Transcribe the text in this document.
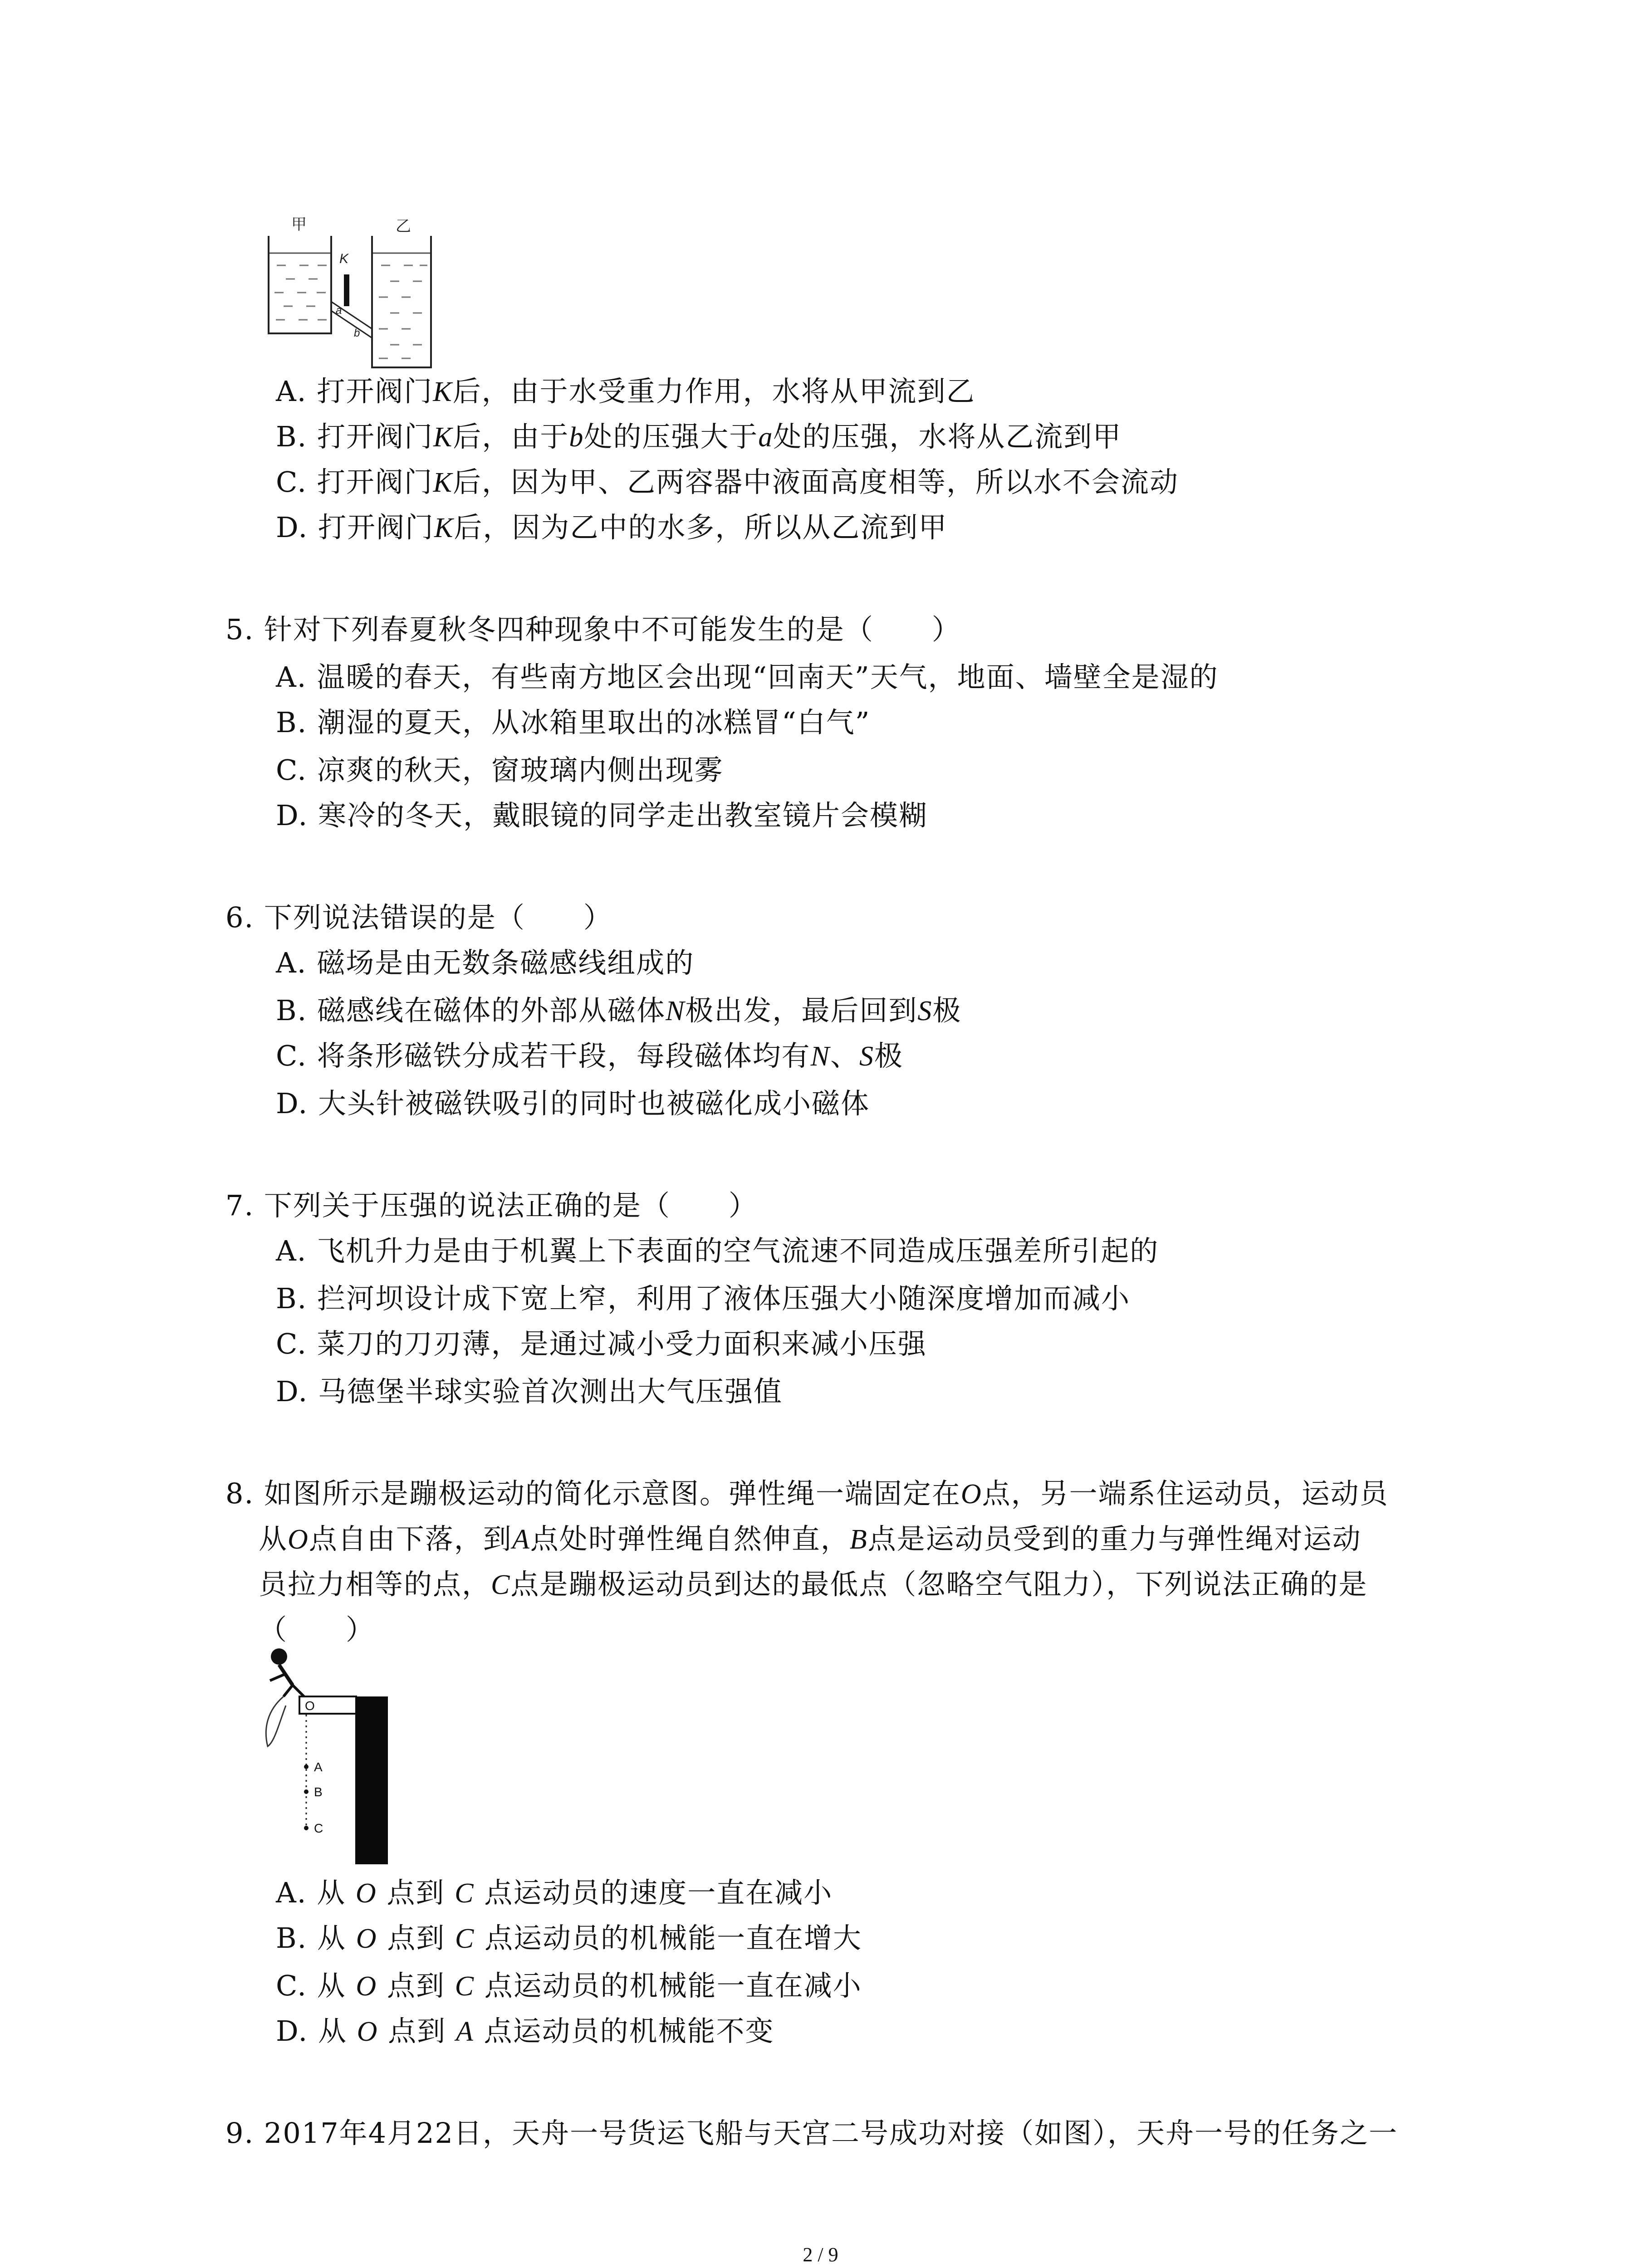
甲	乙
K
a
b
A. 打开阀门K后，由于水受重力作用，水将从甲流到乙
B. 打开阀门K后，由于b处的压强大于a处的压强，水将从乙流到甲
C. 打开阀门K后，因为甲、乙两容器中液面高度相等，所以水不会流动
D. 打开阀门K后，因为乙中的水多，所以从乙流到甲
5. 针对下列春夏秋冬四种现象中不可能发生的是（　　）
A. 温暖的春天，有些南方地区会出现“回南天”天气，地面、墙壁全是湿的
B. 潮湿的夏天，从冰箱里取出的冰糕冒“白气”
C. 凉爽的秋天，窗玻璃内侧出现雾
D. 寒冷的冬天，戴眼镜的同学走出教室镜片会模糊
6. 下列说法错误的是（　　）
A. 磁场是由无数条磁感线组成的
B. 磁感线在磁体的外部从磁体N极出发，最后回到S极
C. 将条形磁铁分成若干段，每段磁体均有N、S极
D. 大头针被磁铁吸引的同时也被磁化成小磁体
7. 下列关于压强的说法正确的是（　　）
A. 飞机升力是由于机翼上下表面的空气流速不同造成压强差所引起的
B. 拦河坝设计成下宽上窄，利用了液体压强大小随深度增加而减小
C. 菜刀的刀刃薄，是通过减小受力面积来减小压强
D. 马德堡半球实验首次测出大气压强值
8. 如图所示是蹦极运动的简化示意图。弹性绳一端固定在O点，另一端系住运动员，运动员
从O点自由下落，到A点处时弹性绳自然伸直，B点是运动员受到的重力与弹性绳对运动
员拉力相等的点，C点是蹦极运动员到达的最低点（忽略空气阻力），下列说法正确的是
（　　）
O
A
B
C
A. 从 O 点到 C 点运动员的速度一直在减小
B. 从 O 点到 C 点运动员的机械能一直在增大
C. 从 O 点到 C 点运动员的机械能一直在减小
D. 从 O 点到 A 点运动员的机械能不变
9. 2017年4月22日，天舟一号货运飞船与天宫二号成功对接（如图），天舟一号的任务之一
2 / 9
